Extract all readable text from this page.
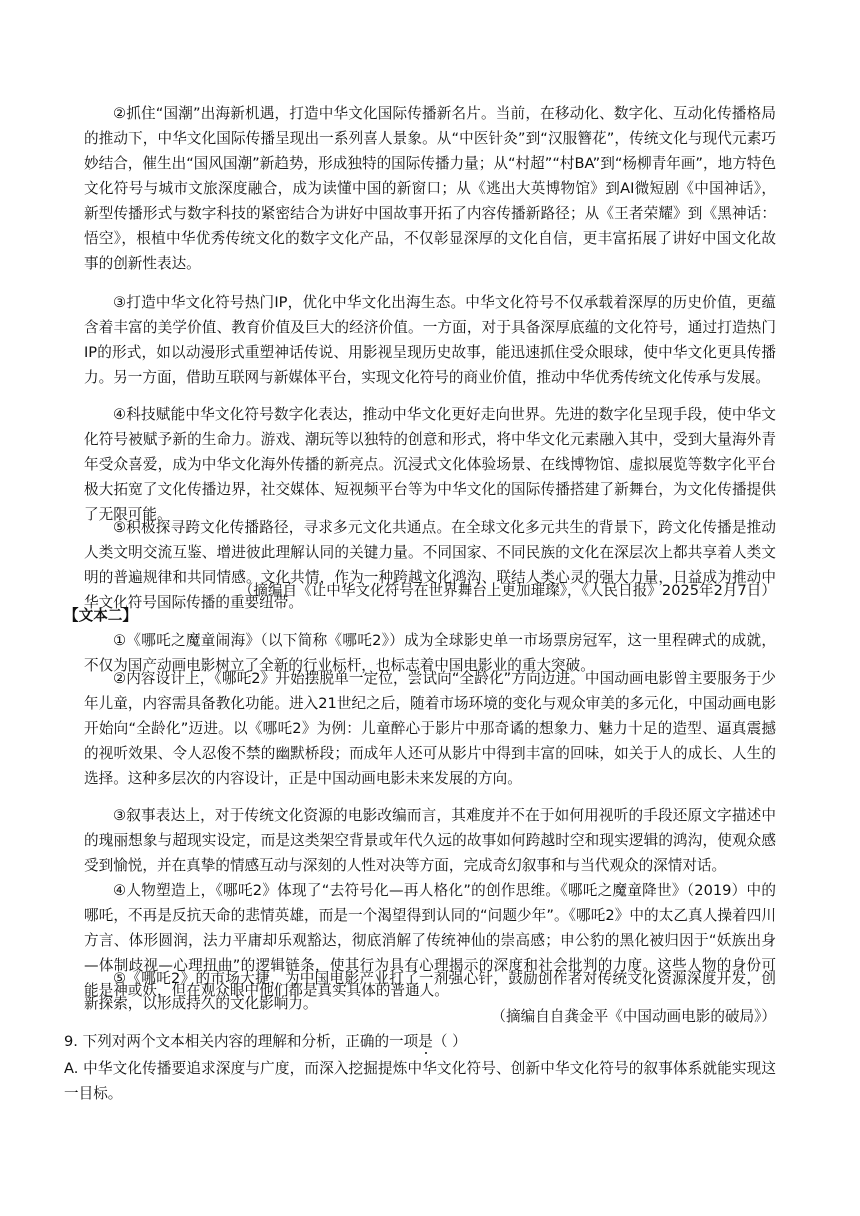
②抓住“国潮”出海新机遇，打造中华文化国际传播新名片。当前，在移动化、数字化、互动化传播格局的推动下，中华文化国际传播呈现出一系列喜人景象。从“中医针灸”到“汉服簪花”，传统文化与现代元素巧妙结合，催生出“国风国潮”新趋势，形成独特的国际传播力量；从“村超”“村BA”到“杨柳青年画”，地方特色文化符号与城市文旅深度融合，成为读懂中国的新窗口；从《逃出大英博物馆》到AI微短剧《中国神话》，新型传播形式与数字科技的紧密结合为讲好中国故事开拓了内容传播新路径；从《王者荣耀》到《黑神话：悟空》，根植中华优秀传统文化的数字文化产品，不仅彰显深厚的文化自信，更丰富拓展了讲好中国文化故事的创新性表达。

③打造中华文化符号热门IP，优化中华文化出海生态。中华文化符号不仅承载着深厚的历史价值，更蕴含着丰富的美学价值、教育价值及巨大的经济价值。一方面，对于具备深厚底蕴的文化符号，通过打造热门IP的形式，如以动漫形式重塑神话传说、用影视呈现历史故事，能迅速抓住受众眼球，使中华文化更具传播力。另一方面，借助互联网与新媒体平台，实现文化符号的商业价值，推动中华优秀传统文化传承与发展。

④科技赋能中华文化符号数字化表达，推动中华文化更好走向世界。先进的数字化呈现手段，使中华文化符号被赋予新的生命力。游戏、潮玩等以独特的创意和形式，将中华文化元素融入其中，受到大量海外青年受众喜爱，成为中华文化海外传播的新亮点。沉浸式文化体验场景、在线博物馆、虚拟展览等数字化平台极大拓宽了文化传播边界，社交媒体、短视频平台等为中华文化的国际传播搭建了新舞台，为文化传播提供了无限可能。

⑤积极探寻跨文化传播路径，寻求多元文化共通点。在全球文化多元共生的背景下，跨文化传播是推动人类文明交流互鉴、增进彼此理解认同的关键力量。不同国家、不同民族的文化在深层次上都共享着人类文明的普遍规律和共同情感。文化共情，作为一种跨越文化鸿沟、联结人类心灵的强大力量，日益成为推动中华文化符号国际传播的重要纽带。

（摘编自《让中华文化符号在世界舞台上更加璀璨》，《人民日报》2025年2月7日）

【文本二】

①《哪吒之魔童闹海》（以下简称《哪吒2》）成为全球影史单一市场票房冠军，这一里程碑式的成就，不仅为国产动画电影树立了全新的行业标杆，也标志着中国电影业的重大突破。

②内容设计上，《哪吒2》开始摆脱单一定位，尝试向“全龄化”方向迈进。中国动画电影曾主要服务于少年儿童，内容需具备教化功能。进入21世纪之后，随着市场环境的变化与观众审美的多元化，中国动画电影开始向“全龄化”迈进。以《哪吒2》为例：儿童醉心于影片中那奇谲的想象力、魅力十足的造型、逼真震撼的视听效果、令人忍俊不禁的幽默桥段；而成年人还可从影片中得到丰富的回味，如关于人的成长、人生的选择。这种多层次的内容设计，正是中国动画电影未来发展的方向。

③叙事表达上，对于传统文化资源的电影改编而言，其难度并不在于如何用视听的手段还原文字描述中的瑰丽想象与超现实设定，而是这类架空背景或年代久远的故事如何跨越时空和现实逻辑的鸿沟，使观众感受到愉悦，并在真挚的情感互动与深刻的人性对决等方面，完成奇幻叙事和与当代观众的深情对话。

④人物塑造上，《哪吒2》体现了“去符号化—再人格化”的创作思维。《哪吒之魔童降世》（2019）中的哪吒，不再是反抗天命的悲情英雄，而是一个渴望得到认同的“问题少年”。《哪吒2》中的太乙真人操着四川方言、体形圆润，法力平庸却乐观豁达，彻底消解了传统神仙的崇高感；申公豹的黑化被归因于“妖族出身—体制歧视—心理扭曲”的逻辑链条，使其行为具有心理揭示的深度和社会批判的力度。这些人物的身份可能是神或妖，但在观众眼中他们都是真实具体的普通人。

⑤《哪吒2》的市场大捷，为中国电影产业打了一剂强心针，鼓励创作者对传统文化资源深度开发，创新探索，以形成持久的文化影响力。

（摘编自自龚金平《中国动画电影的破局》）

9. 下列对两个文本相关内容的理解和分析，正确的一项是（ ）

A. 中华文化传播要追求深度与广度，而深入挖掘提炼中华文化符号、创新中华文化符号的叙事体系就能实现这一目标。
